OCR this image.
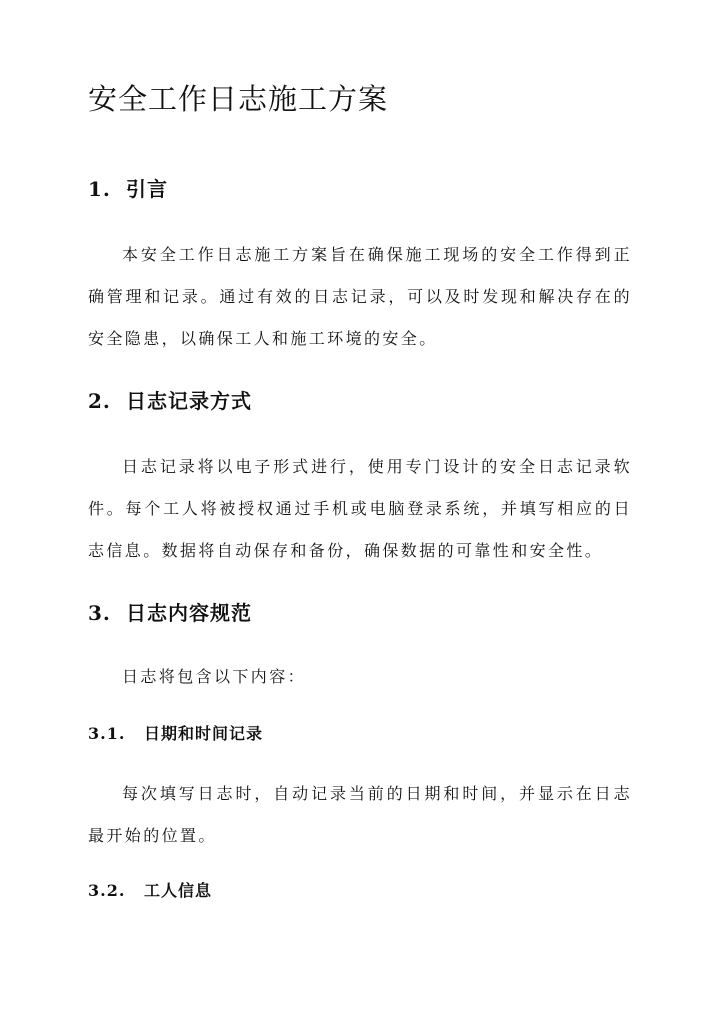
安全工作日志施工方案
1. 引言

本安全工作日志施工方案旨在确保施工现场的安全工作得到正确管理和记录。通过有效的日志记录，可以及时发现和解决存在的安全隐患，以确保工人和施工环境的安全。

2. 日志记录方式

日志记录将以电子形式进行，使用专门设计的安全日志记录软件。每个工人将被授权通过手机或电脑登录系统，并填写相应的日志信息。数据将自动保存和备份，确保数据的可靠性和安全性。

3. 日志内容规范

日志将包含以下内容：

3.1. 日期和时间记录

每次填写日志时，自动记录当前的日期和时间，并显示在日志最开始的位置。

3.2. 工人信息
